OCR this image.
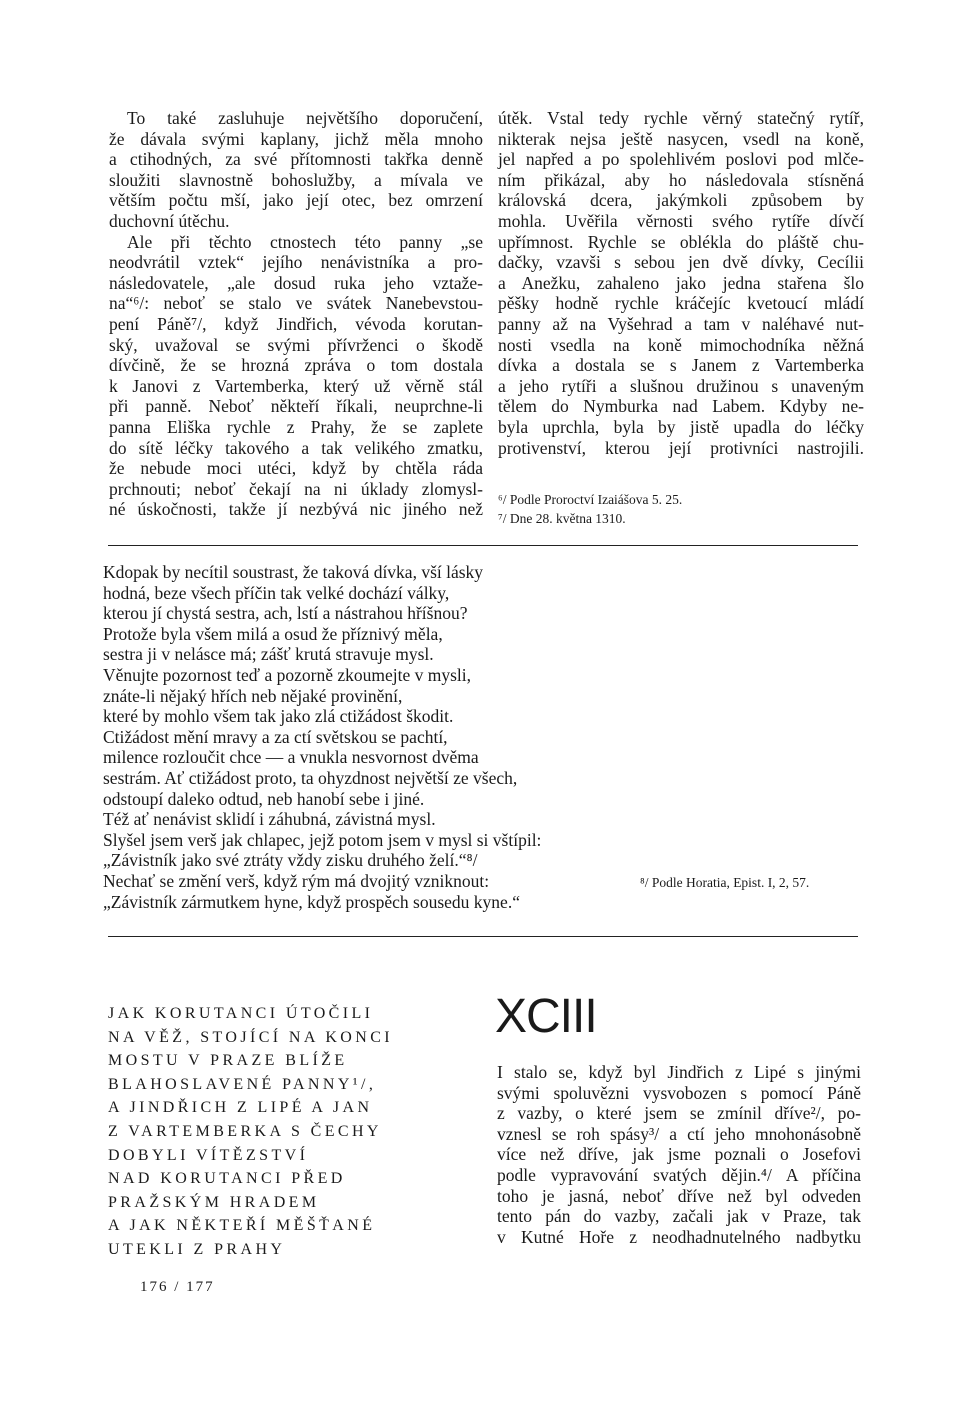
To také zasluhuje největšího doporučení,
že dávala svými kaplany, jichž měla mnoho
a ctihodných, za své přítomnosti takřka denně
sloužiti slavnostně bohoslužby, a mívala ve
větším počtu mší, jako její otec, bez omrzení
duchovní útěchu.
Ale při těchto ctnostech této panny „se
neodvrátil vztek“ jejího nenávistníka a pro-
následovatele, „ale dosud ruka jeho vztaže-
na“⁶/: neboť se stalo ve svátek Nanebevstou-
pení Páně⁷/, když Jindřich, vévoda korutan-
ský, uvažoval se svými přívrženci o škodě
dívčině, že se hrozná zpráva o tom dostala
k Janovi z Vartemberka, který už věrně stál
při panně. Neboť někteří říkali, neuprchne-li
panna Eliška rychle z Prahy, že se zaplete
do sítě léčky takového a tak velikého zmatku,
že nebude moci utéci, když by chtěla ráda
prchnouti; neboť čekají na ni úklady zlomysl-
né úskočnosti, takže jí nezbývá nic jiného než
útěk. Vstal tedy rychle věrný statečný rytíř,
nikterak nejsa ještě nasycen, vsedl na koně,
jel napřed a po spolehlivém poslovi pod mlče-
ním přikázal, aby ho následovala stísněná
královská dcera, jakýmkoli způsobem by
mohla. Uvěřila věrnosti svého rytíře dívčí
upřímnost. Rychle se oblékla do pláště chu-
dačky, vzavši s sebou jen dvě dívky, Cecílii
a Anežku, zahaleno jako jedna stařena šlo
pěšky hodně rychle kráčejíc kvetoucí mládí
panny až na Vyšehrad a tam v naléhavé nut-
nosti vsedla na koně mimochodníka něžná
dívka a dostala se s Janem z Vartemberka
a jeho rytíři a slušnou družinou s unaveným
tělem do Nymburka nad Labem. Kdyby ne-
byla uprchla, byla by jistě upadla do léčky
protivenství, kterou její protivníci nastrojili.
⁶/ Podle Proroctví Izaiášova 5. 25.
⁷/ Dne 28. května 1310.
Kdopak by necítil soustrast, že taková dívka, vší lásky
hodná, beze všech příčin tak velké dochází války,
kterou jí chystá sestra, ach, lstí a nástrahou hříšnou?
Protože byla všem milá a osud že příznivý měla,
sestra ji v nelásce má; zášť krutá stravuje mysl.
Věnujte pozornost teď a pozorně zkoumejte v mysli,
znáte-li nějaký hřích neb nějaké provinění,
které by mohlo všem tak jako zlá ctižádost škodit.
Ctižádost mění mravy a za ctí světskou se pachtí,
milence rozloučit chce — a vnukla nesvornost dvěma
sestrám. Ať ctižádost proto, ta ohyzdnost největší ze všech,
odstoupí daleko odtud, neb hanobí sebe i jiné.
Též ať nenávist sklidí i záhubná, závistná mysl.
Slyšel jsem verš jak chlapec, jejž potom jsem v mysl si vštípil:
„Závistník jako své ztráty vždy zisku druhého želí.“⁸/
Nechať se změní verš, když rým má dvojitý vzniknout:
„Závistník zármutkem hyne, když prospěch sousedu kyne.“
⁸/ Podle Horatia, Epist. I, 2, 57.
JAK KORUTANCI ÚTOČILI
NA VĚŽ, STOJÍCÍ NA KONCI
MOSTU V PRAZE BLÍŽE
BLAHOSLAVENÉ PANNY¹/,
A JINDŘICH Z LIPÉ A JAN
Z VARTEMBERKA S ČECHY
DOBYLI VÍTĚZSTVÍ
NAD KORUTANCI PŘED
PRAŽSKÝM HRADEM
A JAK NĚKTEŘÍ MĚŠŤANÉ
UTEKLI Z PRAHY
XCIII
I stalo se, když byl Jindřich z Lipé s jinými
svými spoluvězni vysvobozen s pomocí Páně
z vazby, o které jsem se zmínil dříve²/, po-
vznesl se roh spásy³/ a ctí jeho mnohonásobně
více než dříve, jak jsme poznali o Josefovi
podle vypravování svatých dějin.⁴/ A příčina
toho je jasná, neboť dříve než byl odveden
tento pán do vazby, začali jak v Praze, tak
v Kutné Hoře z neodhadnutelného nadbytku
176 / 177
